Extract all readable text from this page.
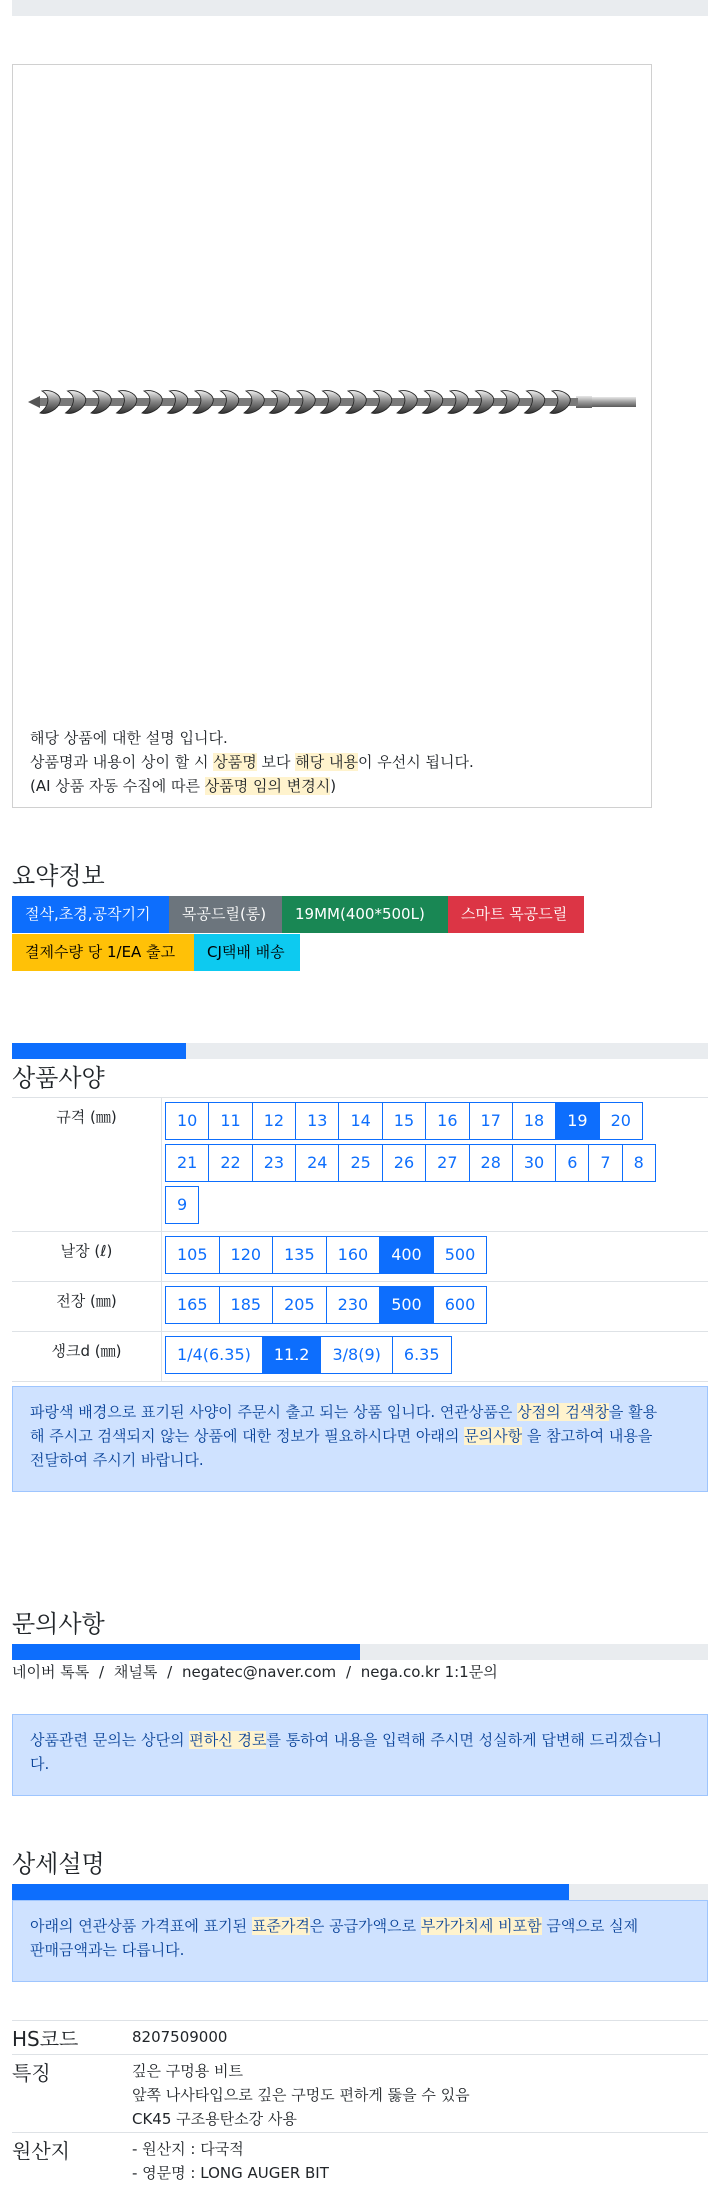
해당 상품에 대한 설명 입니다.
상품명과 내용이 상이 할 시 상품명 보다 해당 내용이 우선시 됩니다.
(AI 상품 자동 수집에 따른 상품명 임의 변경시)
요약정보
절삭,초경,공작기기	목공드릴(롱)	19MM(400*500L)	스마트 목공드릴
결제수량 당 1/EA 출고	CJ택배 배송
상품사양
규격 (㎜)	10	11	12	13	14	15	16	17	18	19	20
21	22	23	24	25	26	27	28	30	6	7	8
9
날장 (ℓ)	105	120	135	160	400	500
전장 (㎜)	165	185	205	230	500	600
생크d (㎜)	1/4(6.35)	11.2	3/8(9)	6.35
파랑색 배경으로 표기된 사양이 주문시 출고 되는 상품 입니다. 연관상품은 상점의 검색창을 활용
해 주시고 검색되지 않는 상품에 대한 정보가 필요하시다면 아래의 문의사항 을 참고하여 내용을
전달하여 주시기 바랍니다.
문의사항
네이버 톡톡 / 채널톡 / negatec@naver.com / nega.co.kr 1:1문의
상품관련 문의는 상단의 편하신 경로를 통하여 내용을 입력해 주시면 성실하게 답변해 드리겠습니
다.
상세설명
아래의 연관상품 가격표에 표기된 표준가격은 공급가액으로 부가가치세 비포함 금액으로 실제
판매금액과는 다릅니다.
HS코드	8207509000
특징	깊은 구멍용 비트
앞쪽 나사타입으로 깊은 구멍도 편하게 뚫을 수 있음
CK45 구조용탄소강 사용
원산지	- 원산지 : 다국적
- 영문명 : LONG AUGER BIT
